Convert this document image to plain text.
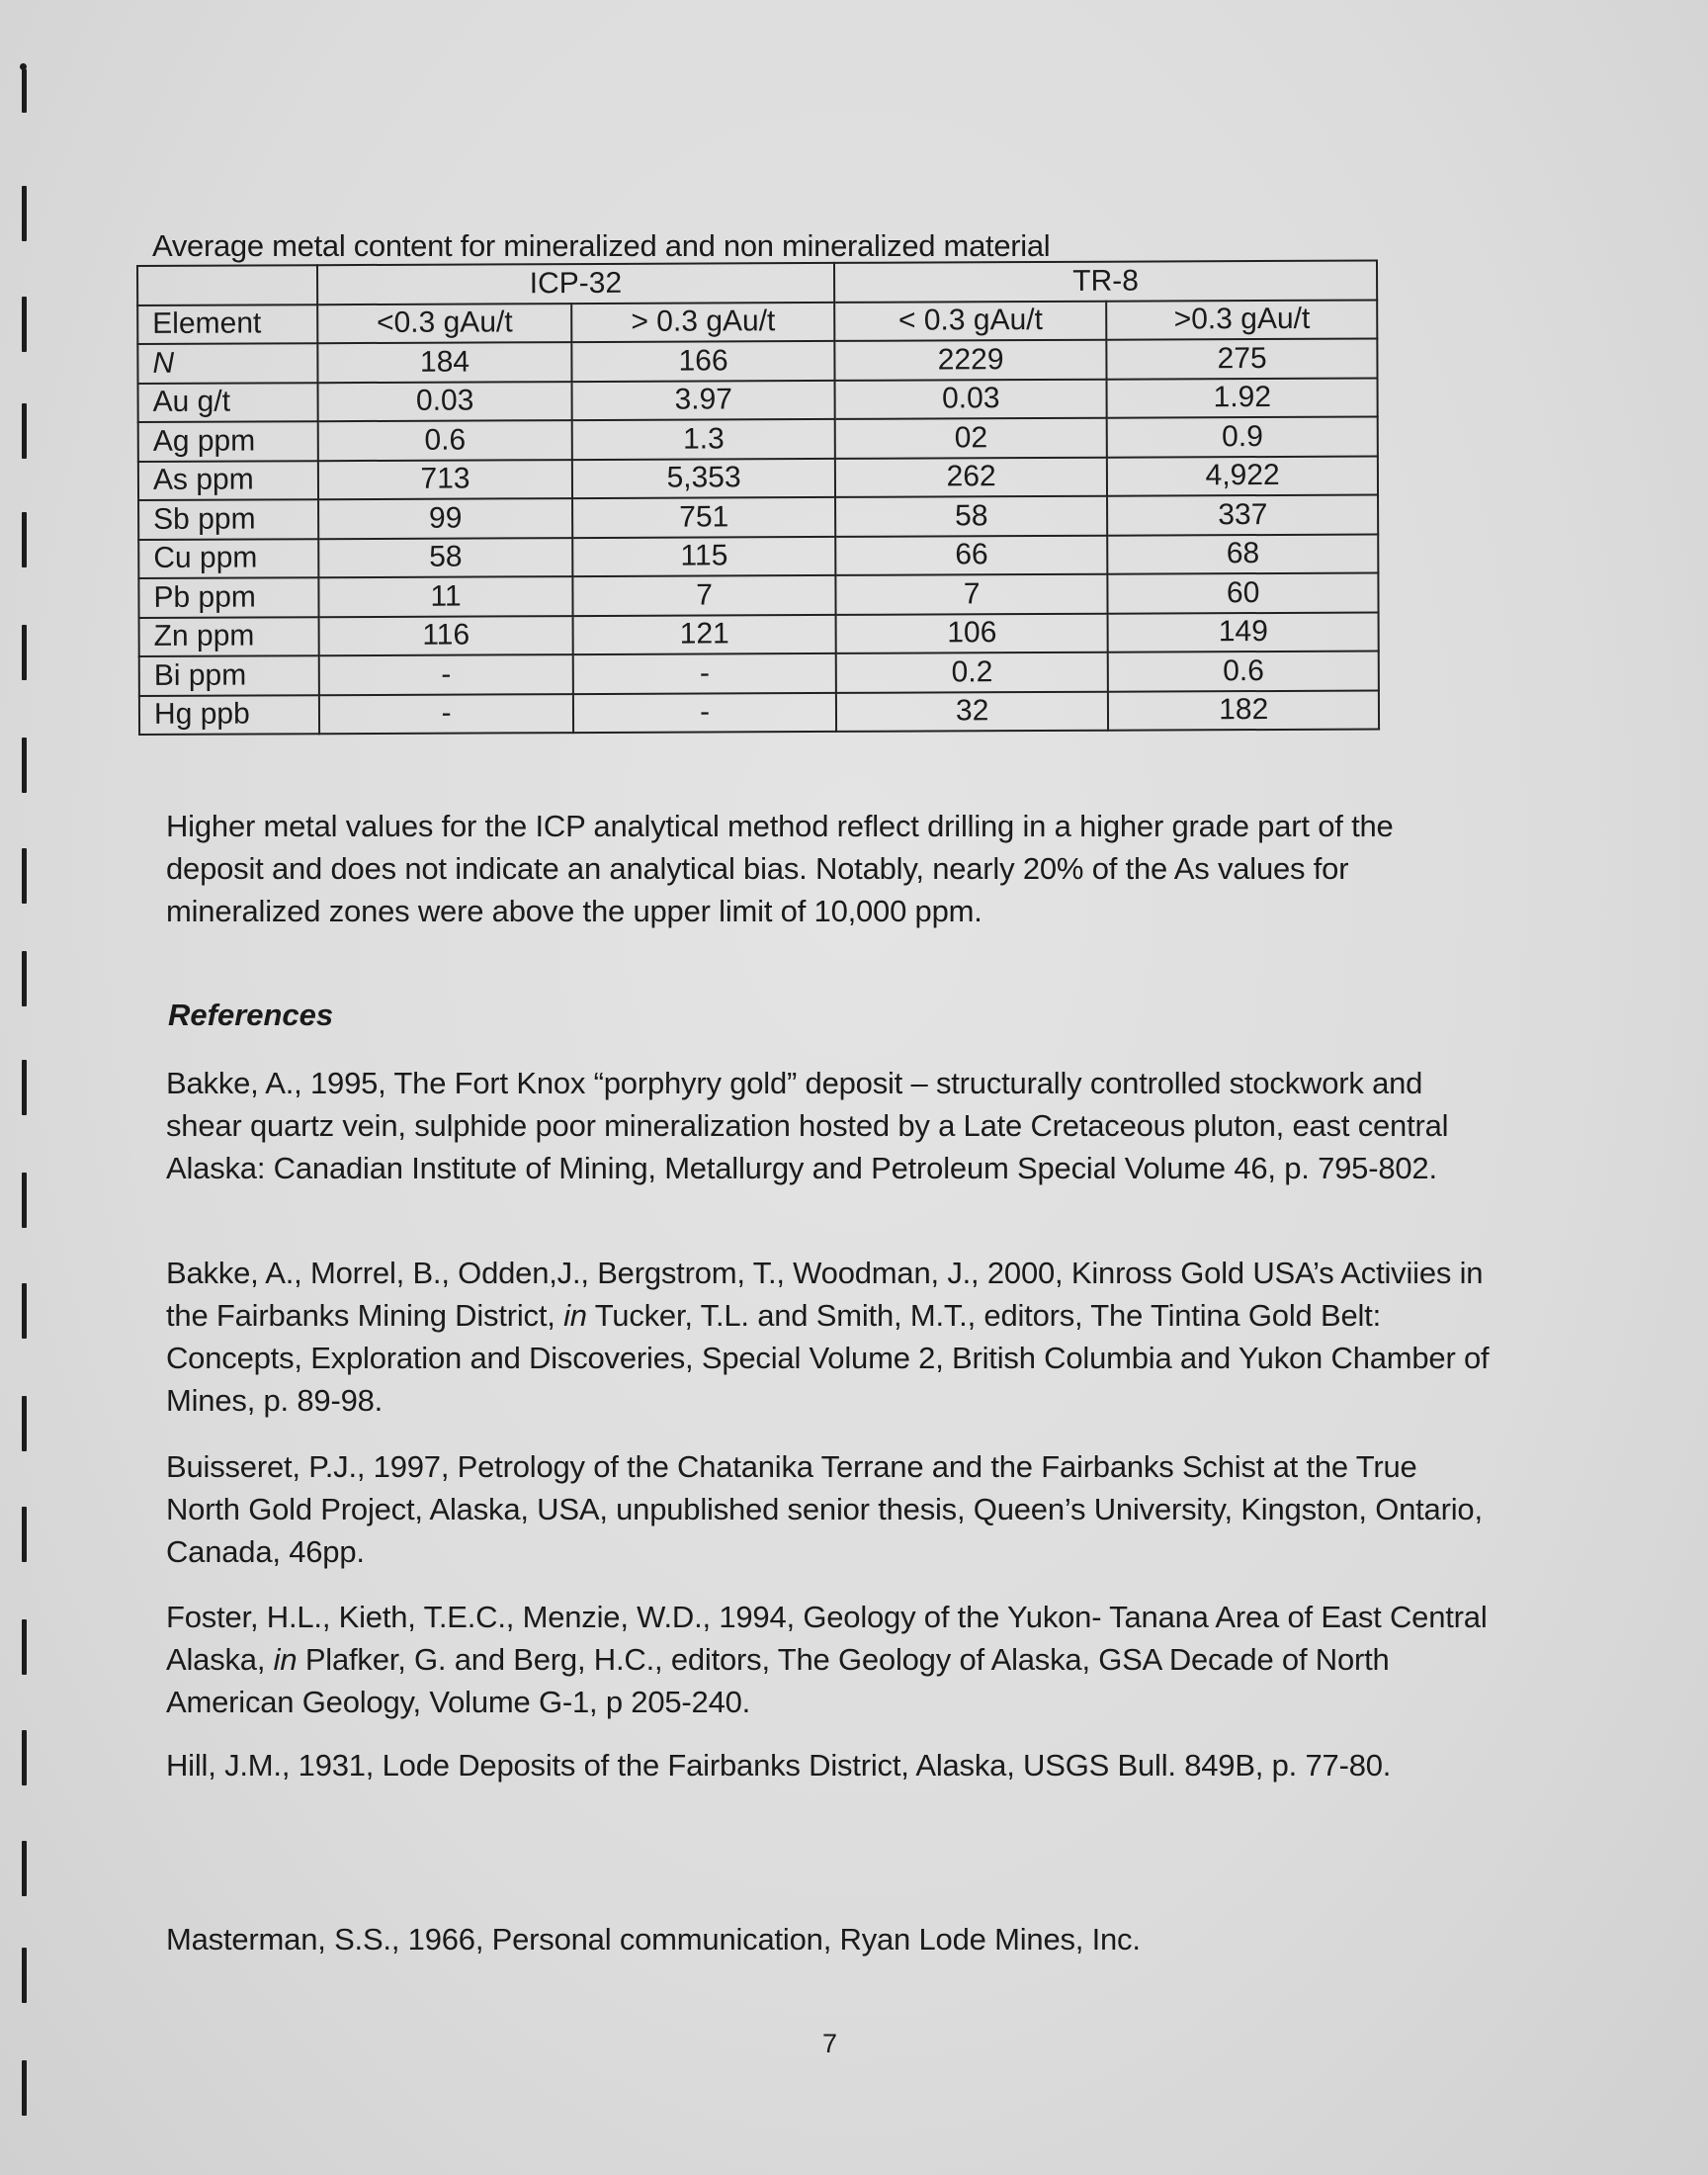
Average metal content for mineralized and non mineralized material
	ICP-32		TR-8	
Element	<0.3 gAu/t	> 0.3 gAu/t	< 0.3 gAu/t	>0.3 gAu/t
N	184	166	2229	275
Au g/t	0.03	3.97	0.03	1.92
Ag ppm	0.6	1.3	02	0.9
As ppm	713	5,353	262	4,922
Sb ppm	99	751	58	337
Cu ppm	58	115	66	68
Pb ppm	11	7	7	60
Zn ppm	116	121	106	149
Bi ppm	-	-	0.2	0.6
Hg ppb	-	-	32	182
Higher metal values for the ICP analytical method reflect drilling in a higher grade part of the deposit and does not indicate an analytical bias. Notably, nearly 20% of the As values for mineralized zones were above the upper limit of 10,000 ppm.
References
Bakke, A., 1995, The Fort Knox “porphyry gold” deposit – structurally controlled stockwork and shear quartz vein, sulphide poor mineralization hosted by a Late Cretaceous pluton, east central Alaska: Canadian Institute of Mining, Metallurgy and Petroleum Special Volume 46, p. 795-802.
Bakke, A., Morrel, B., Odden,J., Bergstrom, T., Woodman, J., 2000, Kinross Gold USA’s Activiies in the Fairbanks Mining District, in Tucker, T.L. and Smith, M.T., editors, The Tintina Gold Belt: Concepts, Exploration and Discoveries, Special Volume 2, British Columbia and Yukon Chamber of Mines, p. 89-98.
Buisseret, P.J., 1997, Petrology of the Chatanika Terrane and the Fairbanks Schist at the True North Gold Project, Alaska, USA, unpublished senior thesis, Queen’s University, Kingston, Ontario, Canada, 46pp.
Foster, H.L., Kieth, T.E.C., Menzie, W.D., 1994, Geology of the Yukon- Tanana Area of East Central Alaska, in Plafker, G. and Berg, H.C., editors, The Geology of Alaska, GSA Decade of North American Geology, Volume G-1, p 205-240.
Hill, J.M., 1931, Lode Deposits of the Fairbanks District, Alaska, USGS Bull. 849B, p. 77-80.
Masterman, S.S., 1966, Personal communication, Ryan Lode Mines, Inc.
7
